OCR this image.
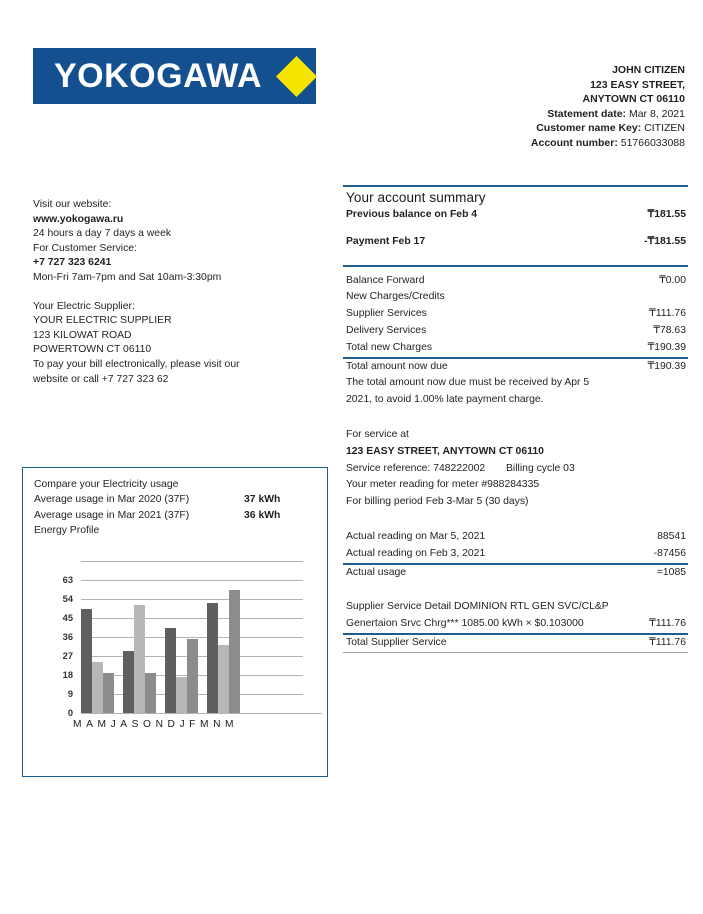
YOKOGAWA	JOHN CITIZEN
123 EASY STREET,
ANYTOWN CT 06110
Statement date: Mar 8, 2021
Customer name Key: CITIZEN
Account number: 51766033088
Visit our website:
www.yokogawa.ru
24 hours a day 7 days a week
For Customer Service:
+7 727 323 6241
Mon-Fri 7am-7pm and Sat 10am-3:30pm
Your Electric Supplier:
YOUR ELECTRIC SUPPLIER
123 KILOWAT ROAD
POWERTOWN CT 06110
To pay your bill electronically, please visit our
website or call +7 727 323 62
Your account summary
Previous balance on Feb 4	₸181.55
Payment Feb 17	-₸181.55
Balance Forward	₸0.00
New Charges/Credits
Supplier Services	₸111.76
Delivery Services	₸78.63
Total new Charges	₸190.39
Total amount now due	₸190.39
The total amount now due must be received by Apr 5
2021, to avoid 1.00% late payment charge.
For service at
123 EASY STREET, ANYTOWN CT 06110
Service reference: 748222002	Billing cycle 03
Your meter reading for meter #988284335
For billing period Feb 3-Mar 5 (30 days)
Actual reading on Mar 5, 2021	88541
Actual reading on Feb 3, 2021	-87456
Actual usage	=1085
Supplier Service Detail DOMINION RTL GEN SVC/CL&P
Genertaion Srvc Chrg*** 1085.00 kWh × $0.103000	₸111.76
Total Supplier Service	₸111.76
Compare your Electricity usage
Average usage in Mar 2020 (37F)	37 kWh
Average usage in Mar 2021 (37F)	36 kWh
Energy Profile
0
9
18
27
36
45
54
63
MAMJASONDJFMNM
